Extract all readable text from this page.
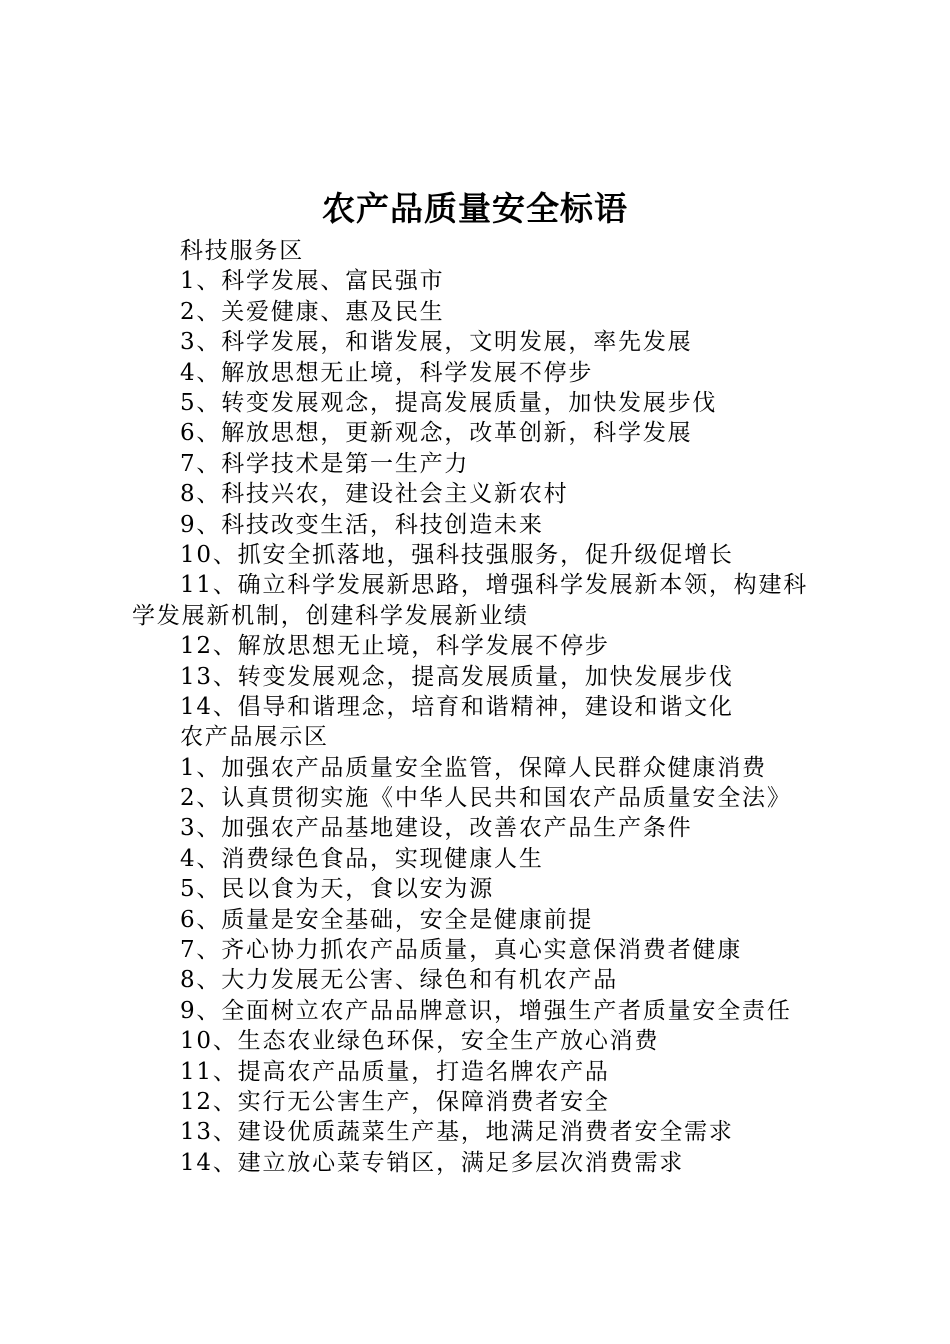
农产品质量安全标语
科技服务区
1、科学发展、富民强市
2、关爱健康、惠及民生
3、科学发展，和谐发展，文明发展，率先发展
4、解放思想无止境，科学发展不停步
5、转变发展观念，提高发展质量，加快发展步伐
6、解放思想，更新观念，改革创新，科学发展
7、科学技术是第一生产力
8、科技兴农，建设社会主义新农村
9、科技改变生活，科技创造未来
10、抓安全抓落地，强科技强服务，促升级促增长
11、确立科学发展新思路，增强科学发展新本领，构建科学发展新机制，创建科学发展新业绩
12、解放思想无止境，科学发展不停步
13、转变发展观念，提高发展质量，加快发展步伐
14、倡导和谐理念，培育和谐精神，建设和谐文化
农产品展示区
1、加强农产品质量安全监管，保障人民群众健康消费
2、认真贯彻实施《中华人民共和国农产品质量安全法》
3、加强农产品基地建设，改善农产品生产条件
4、消费绿色食品，实现健康人生
5、民以食为天，食以安为源
6、质量是安全基础，安全是健康前提
7、齐心协力抓农产品质量，真心实意保消费者健康
8、大力发展无公害、绿色和有机农产品
9、全面树立农产品品牌意识，增强生产者质量安全责任
10、生态农业绿色环保，安全生产放心消费
11、提高农产品质量，打造名牌农产品
12、实行无公害生产，保障消费者安全
13、建设优质蔬菜生产基，地满足消费者安全需求
14、建立放心菜专销区，满足多层次消费需求
